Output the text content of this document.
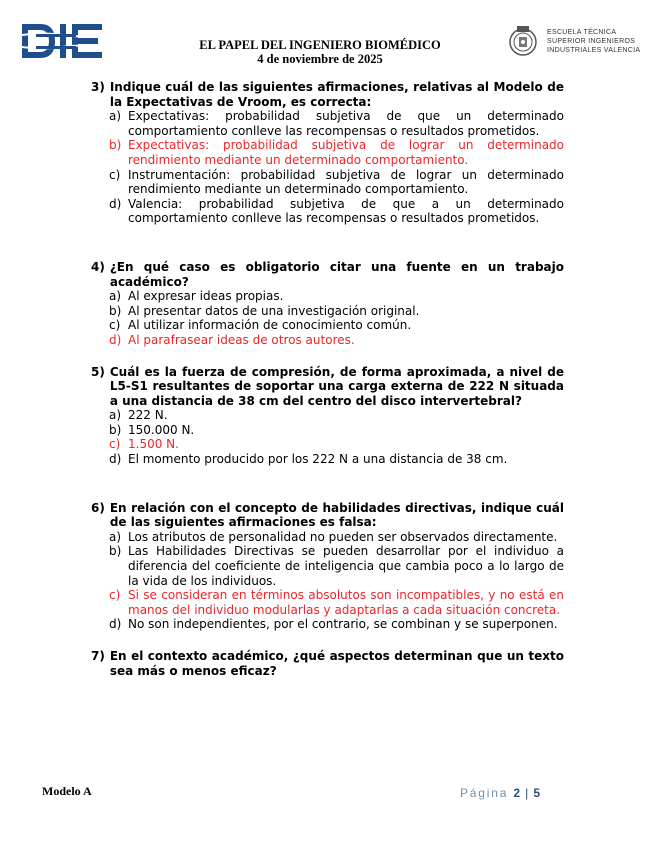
EL PAPEL DEL INGENIERO BIOMÉDICO
4 de noviembre de 2025
ESCUELA TÉCNICA
SUPERIOR INGENIEROS
INDUSTRIALES VALENCIA
3) Indique cuál de las siguientes afirmaciones, relativas al Modelo de la Expectativas de Vroom, es correcta:
a) Expectativas: probabilidad subjetiva de que un determinado comportamiento conlleve las recompensas o resultados prometidos.
b) Expectativas: probabilidad subjetiva de lograr un determinado rendimiento mediante un determinado comportamiento.
c) Instrumentación: probabilidad subjetiva de lograr un determinado rendimiento mediante un determinado comportamiento.
d) Valencia: probabilidad subjetiva de que a un determinado comportamiento conlleve las recompensas o resultados prometidos.
4) ¿En qué caso es obligatorio citar una fuente en un trabajo académico?
a) Al expresar ideas propias.
b) Al presentar datos de una investigación original.
c) Al utilizar información de conocimiento común.
d) Al parafrasear ideas de otros autores.
5) Cuál es la fuerza de compresión, de forma aproximada, a nivel de L5-S1 resultantes de soportar una carga externa de 222 N situada a una distancia de 38 cm del centro del disco intervertebral?
a) 222 N.
b) 150.000 N.
c) 1.500 N.
d) El momento producido por los 222 N a una distancia de 38 cm.
6) En relación con el concepto de habilidades directivas, indique cuál de las siguientes afirmaciones es falsa:
a) Los atributos de personalidad no pueden ser observados directamente.
b) Las Habilidades Directivas se pueden desarrollar por el individuo a diferencia del coeficiente de inteligencia que cambia poco a lo largo de la vida de los individuos.
c) Si se consideran en términos absolutos son incompatibles, y no está en manos del individuo modularlas y adaptarlas a cada situación concreta.
d) No son independientes, por el contrario, se combinan y se superponen.
7) En el contexto académico, ¿qué aspectos determinan que un texto sea más o menos eficaz?
Modelo A	Página 2 | 5
